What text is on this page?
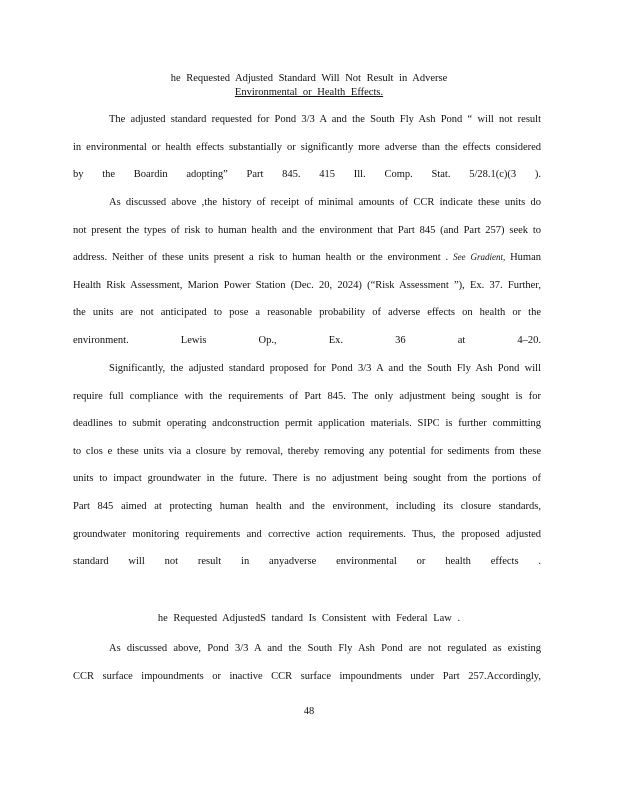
he Requested Adjusted Standard Will Not Result in Adverse
Environmental or Health Effects.

The adjusted standard requested for Pond 3/3 A and the South Fly Ash Pond “ will not result in environmental or health effects substantially or significantly more adverse than the effects considered by the Boardin adopting” Part 845. 415 Ill. Comp. Stat. 5/28.1(c)(3 ).

As discussed above ,the history of receipt of minimal amounts of CCR indicate these units do not present the types of risk to human health and the environment that Part 845 (and Part 257) seek to address. Neither of these units present a risk to human health or the environment . See Gradient, Human Health Risk Assessment, Marion Power Station (Dec. 20, 2024) (“Risk Assessment ”), Ex. 37. Further, the units are not anticipated to pose a reasonable probability of adverse effects on health or the environment. Lewis Op., Ex. 36 at 4–20.

Significantly, the adjusted standard proposed for Pond 3/3 A and the South Fly Ash Pond will require full compliance with the requirements of Part 845. The only adjustment being sought is for deadlines to submit operating andconstruction permit application materials. SIPC is further committing to clos e these units via a closure by removal, thereby removing any potential for sediments from these units to impact groundwater in the future. There is no adjustment being sought from the portions of Part 845 aimed at protecting human health and the environment, including its closure standards, groundwater monitoring requirements and corrective action requirements. Thus, the proposed adjusted standard will not result in anyadverse environmental or health effects .

he Requested AdjustedS tandard Is Consistent with Federal Law .

As discussed above, Pond 3/3 A and the South Fly Ash Pond are not regulated as existing CCR surface impoundments or inactive CCR surface impoundments under Part 257.Accordingly,

48
